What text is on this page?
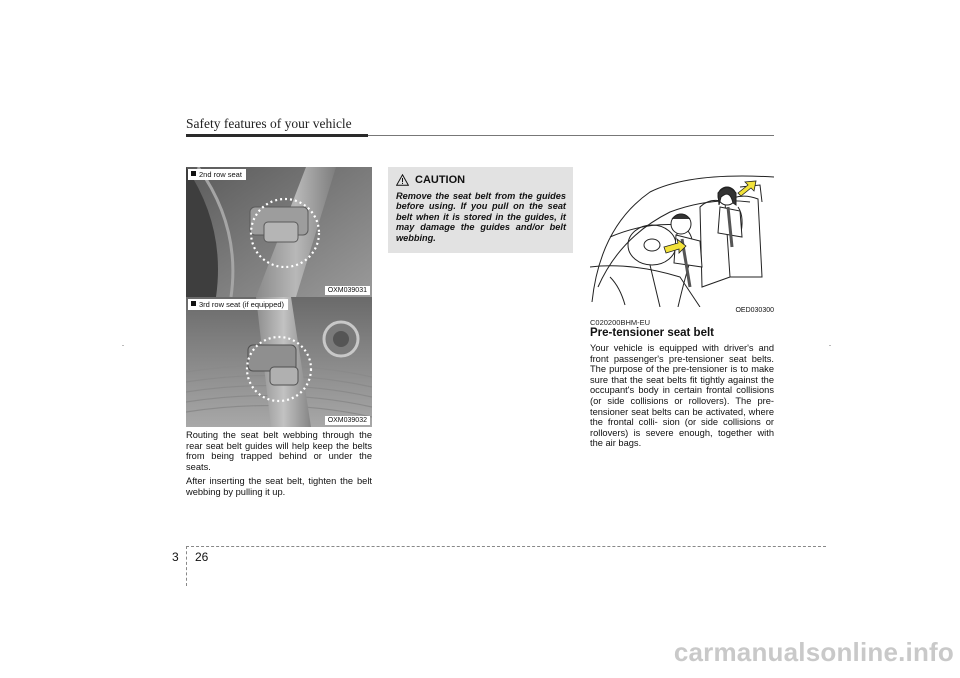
Safety features of your vehicle
2nd row seat
OXM039031
3rd row seat (if equipped)
OXM039032

Routing the seat belt webbing through the rear seat belt guides will help keep the belts from being trapped behind or under the seats.

After inserting the seat belt, tighten the belt webbing by pulling it up.

CAUTION
Remove the seat belt from the guides before using. If you pull on the seat belt when it is stored in the guides, it may damage the guides and/or belt webbing.
OED030300
C020200BHM-EU
Pre-tensioner seat belt

Your vehicle is equipped with driver's and front passenger's pre-tensioner seat belts. The purpose of the pre-tensioner is to make sure that the seat belts fit tightly against the occupant's body in certain frontal collisions (or side collisions or rollovers). The pre-tensioner seat belts can be activated, where the frontal colli- sion (or side collisions or rollovers) is severe enough, together with the air bags.

3 26
carmanualsonline.info
